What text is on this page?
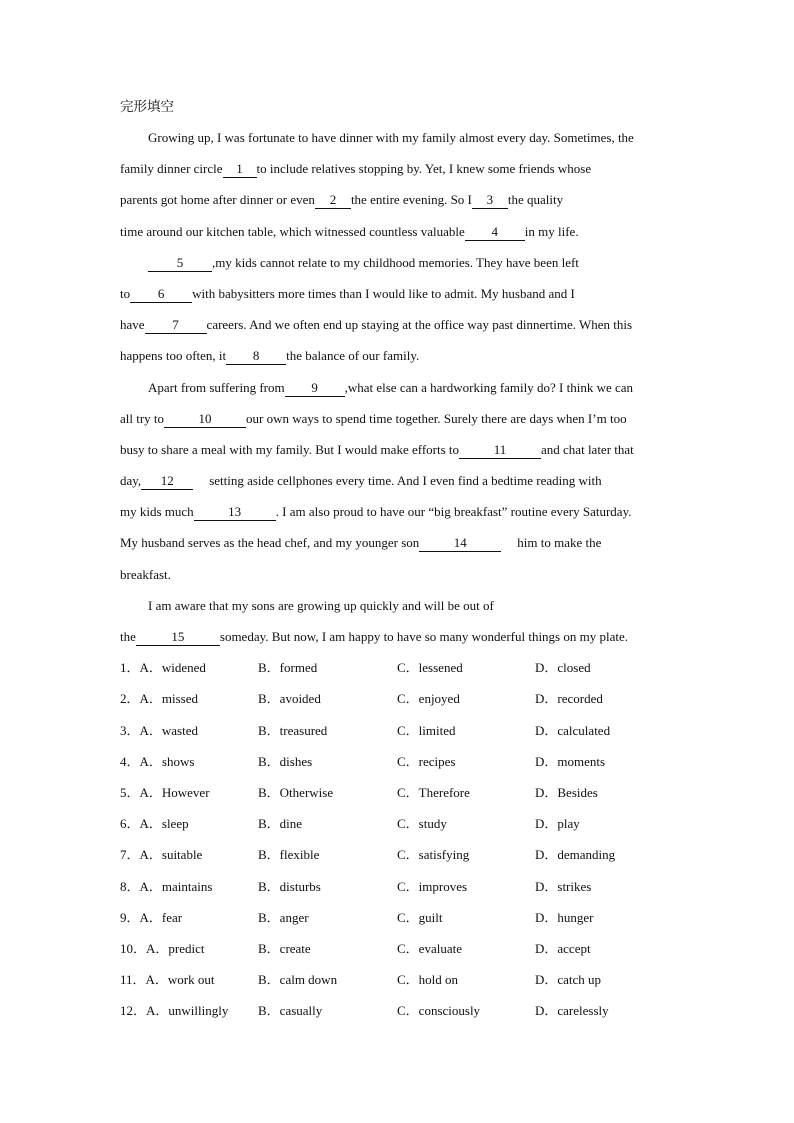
完形填空
Growing up, I was fortunate to have dinner with my family almost every day. Sometimes, the
family dinner circle 1 to include relatives stopping by. Yet, I knew some friends whose
parents got home after dinner or even 2 the entire evening. So I 3 the quality
time around our kitchen table, which witnessed countless valuable 4 in my life.
5 ,my kids cannot relate to my childhood memories. They have been left
to 6 with babysitters more times than I would like to admit. My husband and I
have 7 careers. And we often end up staying at the office way past dinnertime. When this
happens too often, it 8 the balance of our family.
Apart from suffering from 9 ,what else can a hardworking family do? I think we can
all try to	10	our own ways to spend time together. Surely there are days when I’m too
busy to share a meal with my family. But I would make efforts to	11	and chat later that
day, 12	setting aside cellphones every time. And I even find a bedtime reading with
my kids much	13	. I am also proud to have our “big breakfast” routine every Saturday.
My husband serves as the head chef, and my younger son	14	him to make the
breakfast.
I am aware that my sons are growing up quickly and will be out of
the	15	someday. But now, I am happy to have so many wonderful things on my plate.
1．A．widened	B．formed	C．lessened	D．closed
2．A．missed	B．avoided	C．enjoyed	D．recorded
3．A．wasted	B．treasured	C．limited	D．calculated
4．A．shows	B．dishes	C．recipes	D．moments
5．A．However	B．Otherwise	C．Therefore	D．Besides
6．A．sleep	B．dine	C．study	D．play
7．A．suitable	B．flexible	C．satisfying	D．demanding
8．A．maintains	B．disturbs	C．improves	D．strikes
9．A．fear	B．anger	C．guilt	D．hunger
10．A．predict	B．create	C．evaluate	D．accept
11．A．work out	B．calm down	C．hold on	D．catch up
12．A．unwillingly B．casually	C．consciously	D．carelessly
